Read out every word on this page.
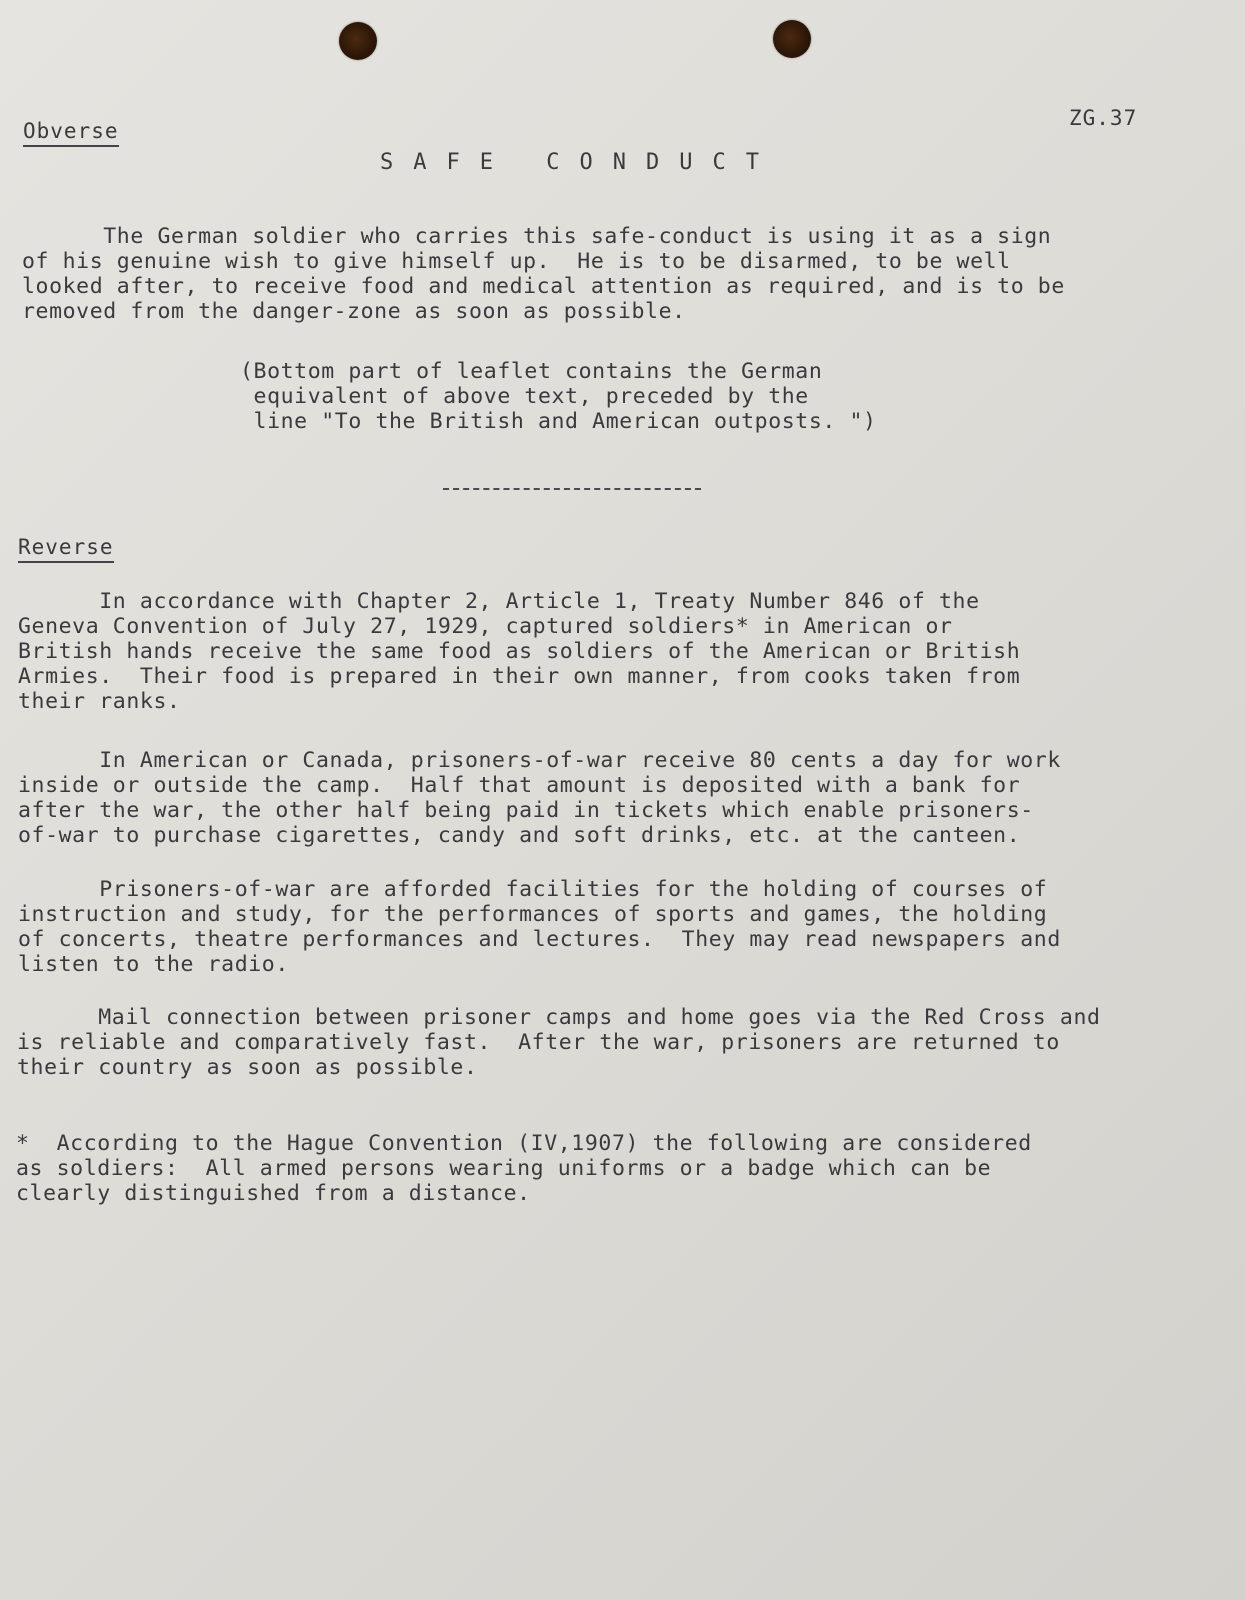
ZG.37
Obverse
SAFE CONDUCT
The German soldier who carries this safe-conduct is using it as a sign
of his genuine wish to give himself up.  He is to be disarmed, to be well
looked after, to receive food and medical attention as required, and is to be
removed from the danger-zone as soon as possible.
(Bottom part of leaflet contains the German
equivalent of above text, preceded by the
line "To the British and American outposts. ")
Reverse
In accordance with Chapter 2, Article 1, Treaty Number 846 of the
Geneva Convention of July 27, 1929, captured soldiers* in American or
British hands receive the same food as soldiers of the American or British
Armies.  Their food is prepared in their own manner, from cooks taken from
their ranks.
In American or Canada, prisoners-of-war receive 80 cents a day for work
inside or outside the camp.  Half that amount is deposited with a bank for
after the war, the other half being paid in tickets which enable prisoners-
of-war to purchase cigarettes, candy and soft drinks, etc. at the canteen.
Prisoners-of-war are afforded facilities for the holding of courses of
instruction and study, for the performances of sports and games, the holding
of concerts, theatre performances and lectures.  They may read newspapers and
listen to the radio.
Mail connection between prisoner camps and home goes via the Red Cross and
is reliable and comparatively fast.  After the war, prisoners are returned to
their country as soon as possible.
*  According to the Hague Convention (IV,1907) the following are considered
as soldiers:  All armed persons wearing uniforms or a badge which can be
clearly distinguished from a distance.
